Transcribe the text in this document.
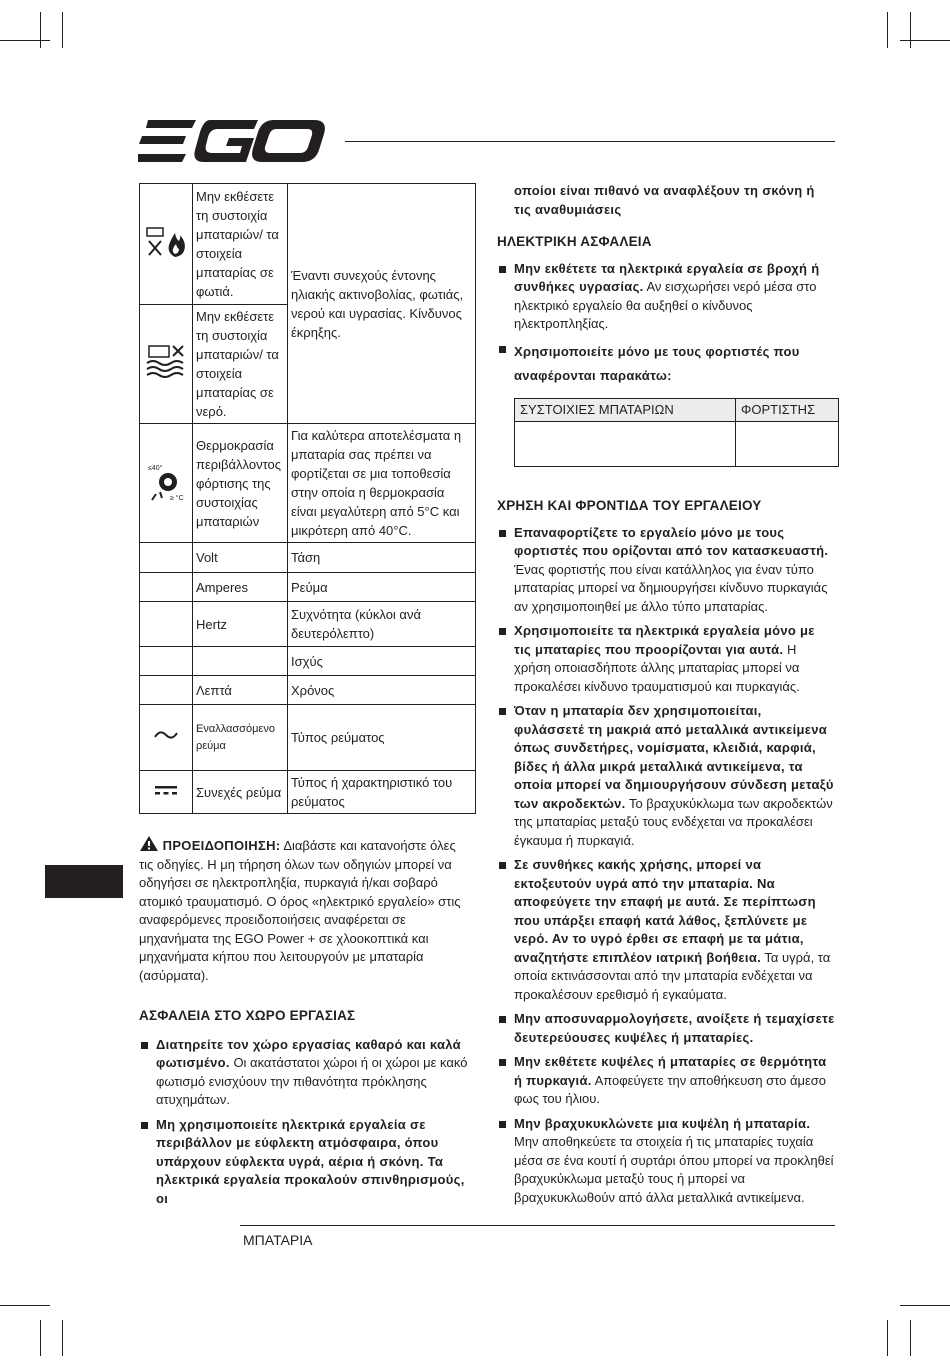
	Μην εκθέσετε τη συστοιχία μπαταριών/ τα στοιχεία μπαταρίας σε φωτιά.	Έναντι συνεχούς έντονης ηλιακής ακτινοβολίας, φωτιάς, νερού και υγρασίας. Κίνδυνος έκρηξης.
	Μην εκθέσετε τη συστοιχία μπαταριών/ τα στοιχεία μπαταρίας σε νερό.	

≤40°
≥ °C	Θερμοκρασία περιβάλλοντος φόρτισης της συστοιχίας μπαταριών	Για καλύτερα αποτελέσματα η μπαταρία σας πρέπει να φορτίζεται σε μια τοποθεσία στην οποία η θερμοκρασία είναι μεγαλύτερη από 5°C και μικρότερη από 40°C.
	Volt	Τάση
	Amperes	Ρεύμα
	Hertz	Συχνότητα (κύκλοι ανά δευτερόλεπτο)
		Ισχύς
	Λεπτά	Χρόνος
	Εναλλασσόμενο ρεύμα	Τύπος ρεύματος
	Συνεχές ρεύμα	Τύπος ή χαρακτηριστικό του ρεύματος

ΠΡΟΕΙΔΟΠΟΙΗΣΗ: Διαβάστε και κατανοήστε όλες τις οδηγίες. Η μη τήρηση όλων των οδηγιών μπορεί να οδηγήσει σε ηλεκτροπληξία, πυρκαγιά ή/και σοβαρό ατομικό τραυματισμό. Ο όρος «ηλεκτρικό εργαλείο» στις αναφερόμενες προειδοποιήσεις αναφέρεται σε μηχανήματα της EGO Power + σε χλοοκοπτικά και μηχανήματα κήπου που λειτουργούν με μπαταρία (ασύρματα).

ΑΣΦΑΛΕΙΑ ΣΤΟ ΧΩΡΟ ΕΡΓΑΣΙΑΣ

Διατηρείτε τον χώρο εργασίας καθαρό και καλά φωτισμένο. Οι ακατάστατοι χώροι ή οι χώροι με κακό φωτισμό ενισχύουν την πιθανότητα πρόκλησης ατυχημάτων.
Μη χρησιμοποιείτε ηλεκτρικά εργαλεία σε περιβάλλον με εύφλεκτη ατμόσφαιρα, όπου υπάρχουν εύφλεκτα υγρά, αέρια ή σκόνη. Τα ηλεκτρικά εργαλεία προκαλούν σπινθηρισμούς, οι

οποίοι είναι πιθανό να αναφλέξουν τη σκόνη ή τις αναθυμιάσεις

ΗΛΕΚΤΡΙΚΗ ΑΣΦΑΛΕΙΑ

Μην εκθέτετε τα ηλεκτρικά εργαλεία σε βροχή ή συνθήκες υγρασίας. Αν εισχωρήσει νερό μέσα στο ηλεκτρικό εργαλείο θα αυξηθεί ο κίνδυνος ηλεκτροπληξίας.
Χρησιμοποιείτε μόνο με τους φορτιστές που αναφέρονται παρακάτω:
ΣΥΣΤΟΙΧΙΕΣ ΜΠΑΤΑΡΙΩΝ	ΦΟΡΤΙΣΤΗΣ

ΧΡΗΣΗ ΚΑΙ ΦΡΟΝΤΙΔΑ ΤΟΥ ΕΡΓΑΛΕΙΟΥ

Επαναφορτίζετε το εργαλείο μόνο με τους φορτιστές που ορίζονται από τον κατασκευαστή. Ένας φορτιστής που είναι κατάλληλος για έναν τύπο μπαταρίας μπορεί να δημιουργήσει κίνδυνο πυρκαγιάς αν χρησιμοποιηθεί με άλλο τύπο μπαταρίας.
Χρησιμοποιείτε τα ηλεκτρικά εργαλεία μόνο με τις μπαταρίες που προορίζονται για αυτά. Η χρήση οποιασδήποτε άλλης μπαταρίας μπορεί να προκαλέσει κίνδυνο τραυματισμού και πυρκαγιάς.
Όταν η μπαταρία δεν χρησιμοποιείται, φυλάσσετέ τη μακριά από μεταλλικά αντικείμενα όπως συνδετήρες, νομίσματα, κλειδιά, καρφιά, βίδες ή άλλα μικρά μεταλλικά αντικείμενα, τα οποία μπορεί να δημιουργήσουν σύνδεση μεταξύ των ακροδεκτών. Το βραχυκύκλωμα των ακροδεκτών της μπαταρίας μεταξύ τους ενδέχεται να προκαλέσει έγκαυμα ή πυρκαγιά.
Σε συνθήκες κακής χρήσης, μπορεί να εκτοξευτούν υγρά από την μπαταρία. Να αποφεύγετε την επαφή με αυτά. Σε περίπτωση που υπάρξει επαφή κατά λάθος, ξεπλύνετε με νερό. Αν το υγρό έρθει σε επαφή με τα μάτια, αναζητήστε επιπλέον ιατρική βοήθεια. Τα υγρά, τα οποία εκτινάσσονται από την μπαταρία ενδέχεται να προκαλέσουν ερεθισμό ή εγκαύματα.
Μην αποσυναρμολογήσετε, ανοίξετε ή τεμαχίσετε δευτερεύουσες κυψέλες ή μπαταρίες.
Μην εκθέτετε κυψέλες ή μπαταρίες σε θερμότητα ή πυρκαγιά. Αποφεύγετε την αποθήκευση στο άμεσο φως του ήλιου.
Μην βραχυκυκλώνετε μια κυψέλη ή μπαταρία. Μην αποθηκεύετε τα στοιχεία ή τις μπαταρίες τυχαία μέσα σε ένα κουτί ή συρτάρι όπου μπορεί να προκληθεί βραχυκύκλωμα μεταξύ τους ή μπορεί να βραχυκυκλωθούν από άλλα μεταλλικά αντικείμενα.
ΜΠΑΤΑΡΙΑ
